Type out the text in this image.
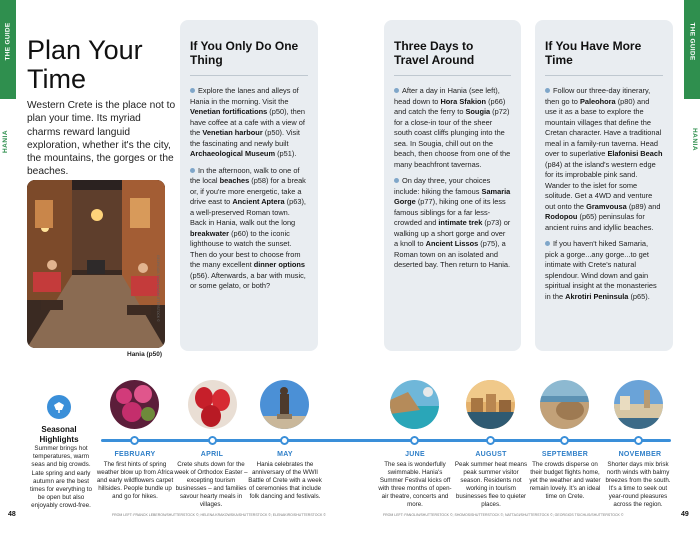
THE GUIDE	THE GUIDE
HANIA	HANIA
Plan Your
Time
Western Crete is the place not to plan your time. Its myriad charms reward languid exploration, whether it's the city, the mountains, the gorges or the beaches.
GEORGIOS TSICHLIS/SHUTTERSTOCK ©
Hania (p50)
If You Only Do One Thing

Explore the lanes and alleys of Hania in the morning. Visit the Venetian fortifications (p50), then have coffee at a cafe with a view of the Venetian harbour (p50). Visit the fascinating and newly built Archaeological Museum (p51).

In the afternoon, walk to one of the local beaches (p58) for a break or, if you're more energetic, take a drive east to Ancient Aptera (p63), a well-preserved Roman town. Back in Hania, walk out the long breakwater (p60) to the iconic lighthouse to watch the sunset. Then do your best to choose from the many excellent dinner options (p56). Afterwards, a bar with music, or some gelato, or both?

Three Days to Travel Around

After a day in Hania (see left), head down to Hora Sfakion (p66) and catch the ferry to Sougia (p72) for a close-in tour of the sheer south coast cliffs plunging into the sea. In Sougia, chill out on the beach, then choose from one of the many beachfront tavernas.

On day three, your choices include: hiking the famous Samaria Gorge (p77), hiking one of its less famous siblings for a far less-crowded and intimate trek (p73) or walking up a short gorge and over a knoll to Ancient Lissos (p75), a Roman town on an isolated and deserted bay. Then return to Hania.

If You Have More Time

Follow our three-day itinerary, then go to Paleohora (p80) and use it as a base to explore the mountain villages that define the Cretan character. Have a traditional meal in a family-run taverna. Head over to superlative Elafonisi Beach (p84) at the island's western edge for its improbable pink sand. Wander to the islet for some solitude. Get a 4WD and venture out onto the Gramvousa (p89) and Rodopou (p65) peninsulas for ancient ruins and idyllic beaches.

If you haven't hiked Samaria, pick a gorge...any gorge...to get intimate with Crete's natural splendour. Wind down and gain spiritual insight at the monasteries in the Akrotiri Peninsula (p65).

Seasonal Highlights
Summer brings hot temperatures, warm seas and big crowds. Late spring and early autumn are the best times for everything to be open but also enjoyably crowd-free.
FEBRUARY
The first hints of spring weather blow up from Africa and early wildflowers carpet hillsides. People bundle up and go for hikes.
APRIL
Crete shuts down for the week of Orthodox Easter – excepting tourism businesses – and families savour hearty meals in villages.
MAY
Hania celebrates the anniversary of the WWII Battle of Crete with a week of ceremonies that include folk dancing and festivals.
JUNE
The sea is wonderfully swimmable. Hania's Summer Festival kicks off with three months of open-air theatre, concerts and more.
AUGUST
Peak summer heat means peak summer visitor season. Residents not working in tourism businesses flee to quieter places.
SEPTEMBER
The crowds disperse on their budget flights home, yet the weather and water remain lovely. It's an ideal time on Crete.
NOVEMBER
Shorter days mix brisk north winds with balmy breezes from the south. It's a time to seek out year-round pleasures across the region.
FROM LEFT: FRANCK LEBERON/SHUTTERSTOCK ©; HELENA KRAKOWSKA/SHUTTERSTOCK ©; ELENAKIRO/SHUTTERSTOCK ©	FROM LEFT: PANOLIN/SHUTTERSTOCK ©; SHOMOS/SHUTTERSTOCK ©; NATTAGI/SHUTTERSTOCK ©; GEORGIOS TSICHLIS/SHUTTERSTOCK ©
48	49
